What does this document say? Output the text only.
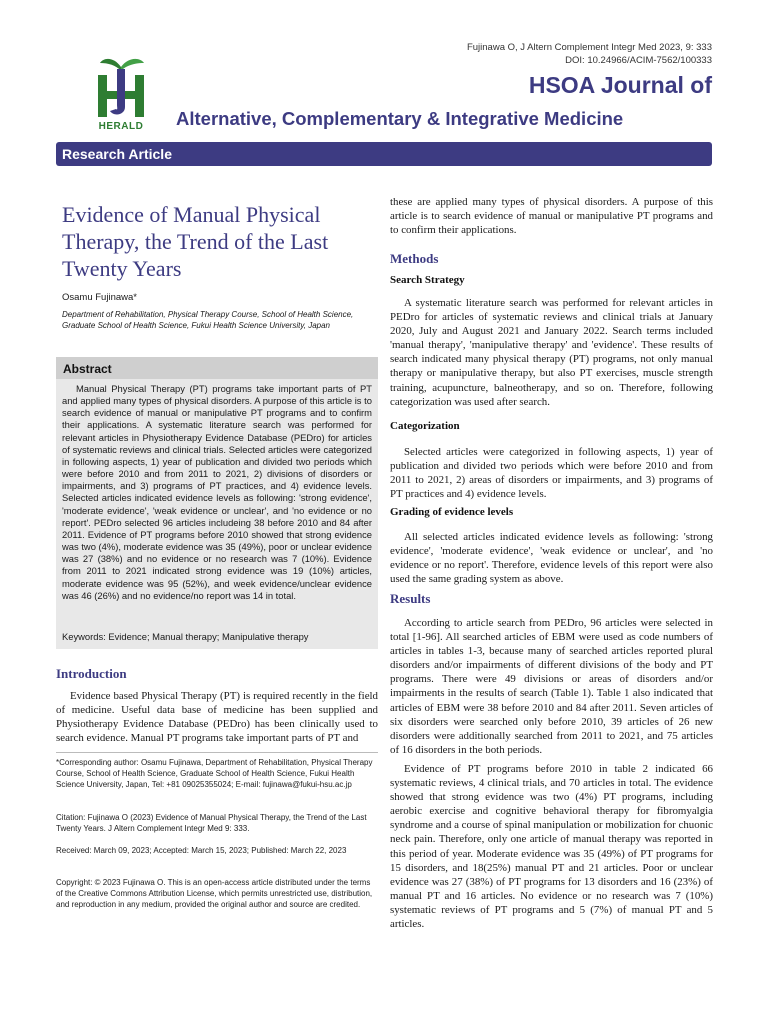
Fujinawa O, J Altern Complement Integr Med 2023, 9: 333
DOI: 10.24966/ACIM-7562/100333
HERALD
HSOA Journal of
Alternative, Complementary & Integrative Medicine
Research Article
Evidence of Manual Physical Therapy, the Trend of the Last Twenty Years
Osamu Fujinawa*
Department of Rehabilitation, Physical Therapy Course, School of Health Science, Graduate School of Health Science, Fukui Health Science University, Japan
Abstract
Manual Physical Therapy (PT) programs take important parts of PT and applied many types of physical disorders. A purpose of this article is to search evidence of manual or manipulative PT programs and to confirm their applications. A systematic literature search was performed for relevant articles in Physiotherapy Evidence Database (PEDro) for articles of systematic reviews and clinical trials. Selected articles were categorized in following aspects, 1) year of publication and divided two periods which were before 2010 and from 2011 to 2021, 2) divisions of disorders or impairments, and 3) programs of PT practices, and 4) evidence levels. Selected articles indicated evidence levels as following: 'strong evidence', 'moderate evidence', 'weak evidence or unclear', and 'no evidence or no report'. PEDro selected 96 articles includeing 38 before 2010 and 84 after 2011. Evidence of PT programs before 2010 showed that strong evidence was two (4%), moderate evidence was 35 (49%), poor or unclear evidence was 27 (38%) and no evidence or no research was 7 (10%). Evidence from 2011 to 2021 indicated strong evidence was 19 (10%) articles, moderate evidence was 95 (52%), and week evidence/unclear evidence was 46 (26%) and no evidence/no report was 14 in total.
Keywords: Evidence; Manual therapy; Manipulative therapy
Introduction
Evidence based Physical Therapy (PT) is required recently in the field of medicine. Useful data base of medicine has been supplied and Physiotherapy Evidence Database (PEDro) has been clinically used to search evidence. Manual PT programs take important parts of PT and
*Corresponding author: Osamu Fujinawa, Department of Rehabilitation, Physical Therapy Course, School of Health Science, Graduate School of Health Science, Fukui Health Science University, Japan, Tel: +81 09025355024; E-mail: fujinawa@fukui-hsu.ac.jp
Citation: Fujinawa O (2023) Evidence of Manual Physical Therapy, the Trend of the Last Twenty Years. J Altern Complement Integr Med 9: 333.
Received: March 09, 2023; Accepted: March 15, 2023; Published: March 22, 2023
Copyright: © 2023 Fujinawa O. This is an open-access article distributed under the terms of the Creative Commons Attribution License, which permits unrestricted use, distribution, and reproduction in any medium, provided the original author and source are credited.
these are applied many types of physical disorders. A purpose of this article is to search evidence of manual or manipulative PT programs and to confirm their applications.
Methods
Search Strategy
A systematic literature search was performed for relevant articles in PEDro for articles of systematic reviews and clinical trials at January 2020, July and August 2021 and January 2022. Search terms included 'manual therapy', 'manipulative therapy' and 'evidence'. These results of search indicated many physical therapy (PT) programs, not only manual therapy or manipulative therapy, but also PT exercises, muscle strength training, acupuncture, balneotherapy, and so on. Therefore, following categorization was used after search.
Categorization
Selected articles were categorized in following aspects, 1) year of publication and divided two periods which were before 2010 and from 2011 to 2021, 2) areas of disorders or impairments, and 3) programs of PT practices and 4) evidence levels.
Grading of evidence levels
All selected articles indicated evidence levels as following: 'strong evidence', 'moderate evidence', 'weak evidence or unclear', and 'no evidence or no report'. Therefore, evidence levels of this report were also used the same grading system as above.
Results
According to article search from PEDro, 96 articles were selected in total [1-96]. All searched articles of EBM were used as code numbers of articles in tables 1-3, because many of searched articles reported plural disorders and/or impairments of different divisions of the body and PT programs. There were 49 divisions or areas of disorders and/or impairments in the results of search (Table 1). Table 1 also indicated that articles of EBM were 38 before 2010 and 84 after 2011. Seven articles of six disorders were searched only before 2010, 39 articles of 26 new disorders were additionally searched from 2011 to 2021, and 75 articles of 16 disorders in the both periods.
Evidence of PT programs before 2010 in table 2 indicated 66 systematic reviews, 4 clinical trials, and 70 articles in total. The evidence showed that strong evidence was two (4%) PT programs, including aerobic exercise and cognitive behavioral therapy for fibromyalgia syndrome and a course of spinal manipulation or mobilization for chuonic neck pain. Therefore, only one article of manual therapy was reported in this period of year. Moderate evidence was 35 (49%) of PT programs for 15 disorders, and 18(25%) manual PT and 21 articles. Poor or unclear evidence was 27 (38%) of PT programs for 13 disorders and 16 (23%) of manual PT and 16 articles. No evidence or no research was 7 (10%) systematic reviews of PT programs and 5 (7%) of manual PT and 5 articles.
